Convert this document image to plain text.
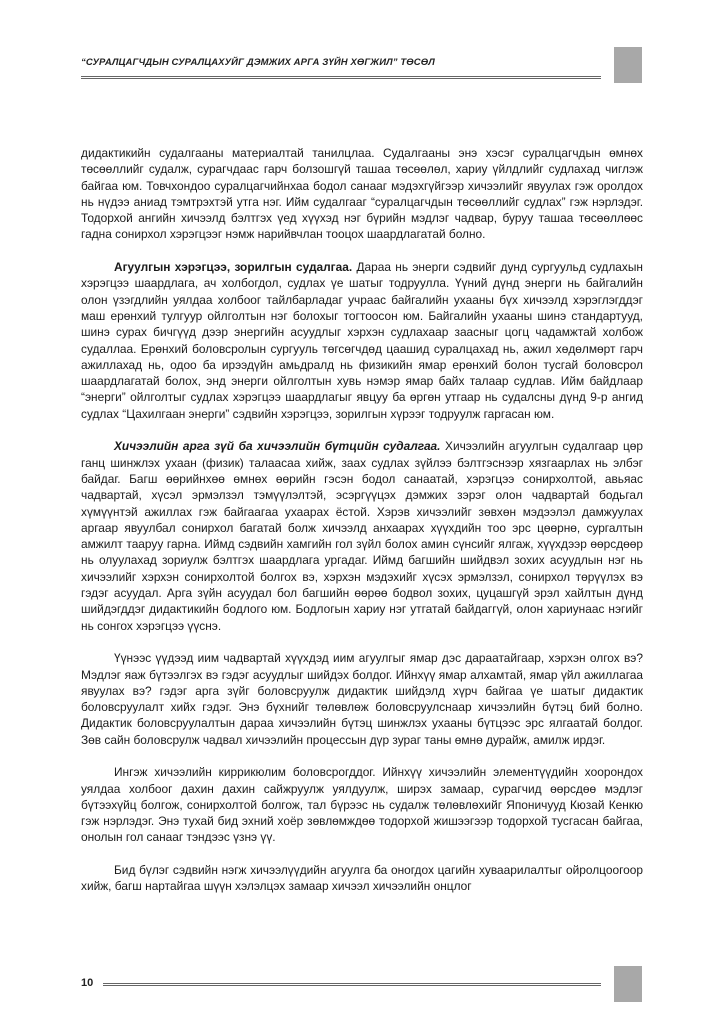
“СУРАЛЦАГЧДЫН СУРАЛЦАХУЙГ ДЭМЖИХ АРГА ЗҮЙН ХӨГЖИЛ” ТӨСӨЛ

дидактикийн судалгааны материалтай танилцлаа. Судалгааны энэ хэсэг суралцагчдын өмнөх төсөөллийг судалж, сурагчдаас гарч болзошгүй ташаа төсөөлөл, хариу үйлдлийг судлахад чиглэж байгаа юм. Товчхондоо суралцагчийнхаа бодол санааг мэдэхгүйгээр хичээлийг явуулах гэж оролдох нь нүдээ аниад тэмтрэхтэй утга нэг. Ийм судалгааг “суралцагчдын төсөөллийг судлах” гэж нэрлэдэг. Тодорхой ангийн хичээлд бэлтгэх үед хүүхэд нэг бүрийн мэдлэг чадвар, буруу ташаа төсөөллөөс гадна сонирхол хэрэгцээг нэмж нарийвчлан тооцох шаардлагатай болно.

Агуулгын хэрэгцээ, зорилгын судалгаа. Дараа нь энерги сэдвийг дунд сургуульд судлахын хэрэгцээ шаардлага, ач холбогдол, судлах үе шатыг тодруулла. Үүний дүнд энерги нь байгалийн олон үзэгдлийн уялдаа холбоог тайлбарладаг учраас байгалийн ухааны бүх хичээлд хэрэглэгддэг маш ерөнхий тулгуур ойлголтын нэг болохыг тогтоосон юм. Байгалийн ухааны шинэ стандартууд, шинэ сурах бичгүүд дээр энергийн асуудлыг хэрхэн судлахаар заасныг цогц чадамжтай холбож судаллаа. Ерөнхий боловсролын сургууль төгсөгчдөд цаашид суралцахад нь, ажил хөдөлмөрт гарч ажиллахад нь, одоо ба ирээдүйн амьдралд нь физикийн ямар ерөнхий болон тусгай боловсрол шаардлагатай болох, энд энерги ойлголтын хувь нэмэр ямар байх талаар судлав. Ийм байдлаар “энерги” ойлголтыг судлах хэрэгцээ шаардлагыг явцуу ба өргөн утгаар нь судалсны дүнд 9-р ангид судлах “Цахилгаан энерги” сэдвийн хэрэгцээ, зорилгын хүрээг тодруулж гаргасан юм.

Хичээлийн арга зүй ба хичээлийн бүтцийн судалгаа. Хичээлийн агуулгын судалгаар цөр ганц шинжлэх ухаан (физик) талаасаа хийж, заах судлах зүйлээ бэлтгэснээр хязгаарлах нь элбэг байдаг. Багш өөрийнхөө өмнөх өөрийн гэсэн бодол санаатай, хэрэгцээ сонирхолтой, авьяас чадвартай, хүсэл эрмэлзэл тэмүүлэлтэй, эсэргүүцэх дэмжих зэрэг олон чадвартай бодьгал хүмүүнтэй ажиллах гэж байгаагаа ухаарах ёстой. Хэрэв хичээлийг зөвхөн мэдээлэл дамжуулах аргаар явуулбал сонирхол багатай болж хичээлд анхаарах хүүхдийн тоо эрс цөөрнө, сургалтын амжилт тааруу гарна. Иймд сэдвийн хамгийн гол зүйл болох амин сүнсийг ялгаж, хүүхдээр өөрсдөөр нь олуулахад зориулж бэлтгэх шаардлага ургадаг. Иймд багшийн шийдвэл зохих асуудлын нэг нь хичээлийг хэрхэн сонирхолтой болгох вэ, хэрхэн мэдэхийг хүсэх эрмэлзэл, сонирхол төрүүлэх вэ гэдэг асуудал. Арга зүйн асуудал бол багшийн өөрөө бодвол зохих, цуцашгүй эрэл хайлтын дүнд шийдэгддэг дидактикийн бодлого юм. Бодлогын хариу нэг утгатай байдаггүй, олон хариунаас нэгийг нь сонгох хэрэгцээ үүснэ.

Үүнээс үүдээд иим чадвартай хүүхдэд иим агуулгыг ямар дэс дараатайгаар, хэрхэн олгох вэ? Мэдлэг яаж бүтээлгэх вэ гэдэг асуудлыг шийдэх болдог. Ийнхүү ямар алхамтай, ямар үйл ажиллагаа явуулах вэ? гэдэг арга зүйг боловсруулж дидактик шийдэлд хүрч байгаа үе шатыг дидактик боловсруулалт хийх гэдэг. Энэ бүхнийг төлөвлөж боловсруулснаар хичээлийн бүтэц бий болно. Дидактик боловсруулалтын дараа хичээлийн бүтэц шинжлэх ухааны бүтцээс эрс ялгаатай болдог. Зөв сайн боловсрулж чадвал хичээлийн процессын дүр зураг таны өмнө дурайж, амилж ирдэг.

Ингэж хичээлийн киррикюлим боловсрогддог. Ийнхүү хичээлийн элементүүдийн хоорондох уялдаа холбоог дахин дахин сайжруулж уялдуулж, ширэх замаар, сурагчид өөрсдөө мэдлэг бүтээхүйц болгож, сонирхолтой болгож, тал бүрээс нь судалж төлөвлөхийг Японичууд Кюзай Кенкю гэж нэрлэдэг. Энэ тухай бид эхний хоёр зөвлөмждөө тодорхой жишээгээр тодорхой тусгасан байгаа, онолын гол санааг тэндээс үзнэ үү.

Бид бүлэг сэдвийн нэгж хичээлүүдийн агуулга ба оногдох цагийн хуваарилалтыг ойролцоогоор хийж, багш нартайгаа шүүн хэлэлцэх замаар хичээл хичээлийн онцлог

10
